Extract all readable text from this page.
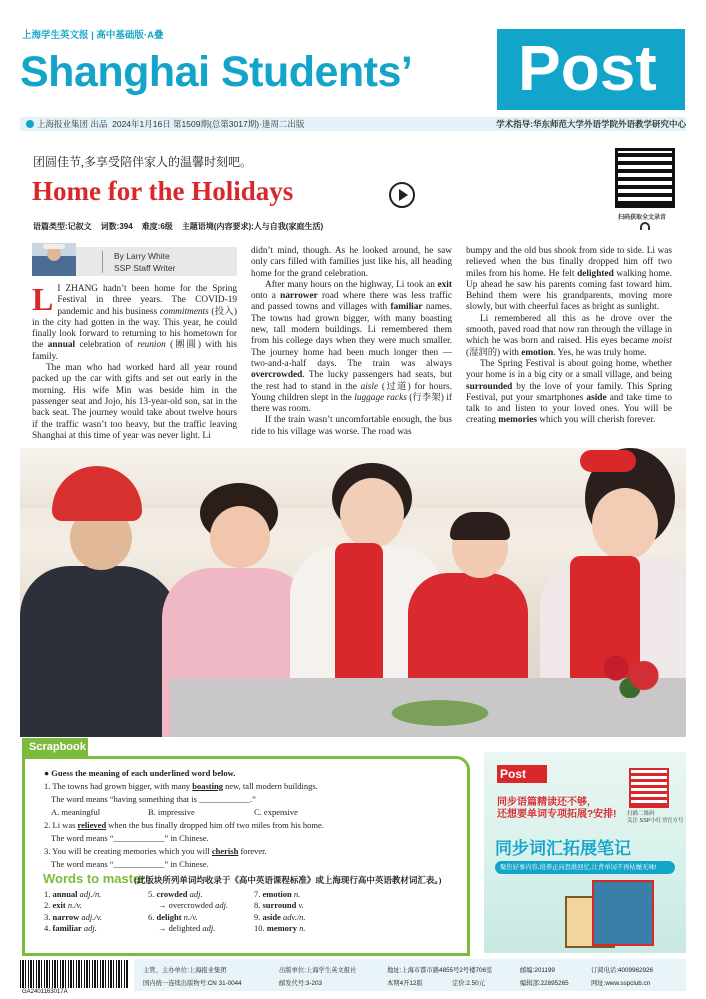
上海学生英文报 | 高中基础版·A叠
Shanghai Students’ Post
上海报业集团 出品 2024年1月16日 第1509期(总第3017期)·逢周二出版	学术指导:华东师范大学外语学院外语教学研究中心
团圆佳节,多享受陪伴家人的温馨时刻吧。
Home for the Holidays
语篇类型:记叙文 词数:394 难度:6级 主题语境(内容要求):人与自我(家庭生活)
扫码获取全文录音
By Larry White
SSP Staff Writer

L I ZHANG hadn’t been home for the Spring Festival in three years. The COVID-19 pandemic and his business commitments (投入) in the city had gotten in the way. This year, he could finally look forward to returning to his hometown for the annual celebration of reunion (團圓) with his family.

The man who had worked hard all year round packed up the car with gifts and set out early in the morning. His wife Min was beside him in the passenger seat and Jojo, his 13-year-old son, sat in the back seat. The journey would take about twelve hours if the traffic wasn’t too heavy, but the traffic leaving Shanghai at this time of year was never light. Li

didn’t mind, though. As he looked around, he saw only cars filled with families just like his, all heading home for the grand celebration.

After many hours on the highway, Li took an exit onto a narrower road where there was less traffic and passed towns and villages with familiar names. The towns had grown bigger, with many boasting new, tall modern buildings. Li remembered them from his college days when they were much smaller. The journey home had been much longer then — two-and-a-half days. The train was always overcrowded. The lucky passengers had seats, but the rest had to stand in the aisle (过道) for hours. Young children slept in the luggage racks (行李架) if there was room.

If the train wasn’t uncomfortable enough, the bus ride to his village was worse. The road was

bumpy and the old bus shook from side to side. Li was relieved when the bus finally dropped him off two miles from his home. He felt delighted walking home. Up ahead he saw his parents coming fast toward him. Behind them were his grandparents, moving more slowly, but with cheerful faces as bright as sunlight.

Li remembered all this as he drove over the smooth, paved road that now ran through the village in which he was born and raised. His eyes became moist (湿润的) with emotion. Yes, he was truly home.

The Spring Festival is about going home, whether your home is in a big city or a small village, and being surrounded by the love of your family. This Spring Festival, put your smartphones aside and take time to talk to and listen to your loved ones. You will be creating memories which you will cherish forever.

Scrapbook
● Guess the meaning of each underlined word below.
1. The towns had grown bigger, with many boasting new, tall modern buildings.
The word means “having something that is ____________.”
A. meaningful	B. impressive	C. expensive
2. Li was relieved when the bus finally dropped him off two miles from his home.
The word means “____________” in Chinese.
3. You will be creating memories which you will cherish forever.
The word means “____________” in Chinese.
Words to master
(此版块所列单词均收录于《高中英语课程标准》或上海现行高中英语教材词汇表。)
1. annual adj./n.
2. exit n./v.
3. narrow adj./v.
4. familiar adj.
5. crowded adj.
→ overcrowded adj.
6. delight n./v.
→ delighted adj.
7. emotion n.
8. surround v.
9. aside adv./n.
10. memory n.
Post
扫描二维码
关注 SSP小红书官方号
同步语篇精读还不够,
还想要单词专项拓展?安排!
同步词汇拓展笔记
聚焦好事内容,培养正向思维回忆,让背单词不再枯燥无味!
GA2401163017A
主管、主办单位:上海报业集团
国内统一连续出版物号:CN 31-0044
出版单位:上海学生英文报社
邮发代号:3-203
地址:上海市都市路4855号2号楼706室
本期4开12版	定价:2.50元
邮编:201199
编辑部:22895265
订阅电话:4009962926
网址:www.sspclub.cn
